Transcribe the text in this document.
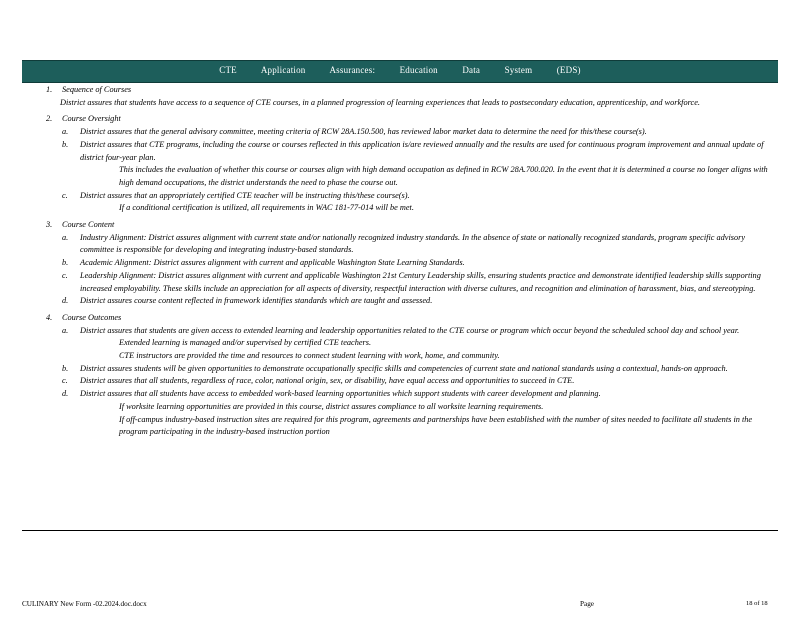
CTE Application Assurances: Education Data System (EDS)
1. Sequence of Courses
District assures that students have access to a sequence of CTE courses, in a planned progression of learning experiences that leads to postsecondary education, apprenticeship, and workforce.
2. Course Oversight
a. District assures that the general advisory committee, meeting criteria of RCW 28A.150.500, has reviewed labor market data to determine the need for this/these course(s).
b. District assures that CTE programs, including the course or courses reflected in this application is/are reviewed annually and the results are used for continuous program improvement and annual update of district four-year plan.
This includes the evaluation of whether this course or courses align with high demand occupation as defined in RCW 28A.700.020. In the event that it is determined a course no longer aligns with high demand occupations, the district understands the need to phase the course out.
c. District assures that an appropriately certified CTE teacher will be instructing this/these course(s).
If a conditional certification is utilized, all requirements in WAC 181-77-014 will be met.
3. Course Content
a. Industry Alignment: District assures alignment with current state and/or nationally recognized industry standards. In the absence of state or nationally recognized standards, program specific advisory committee is responsible for developing and integrating industry-based standards.
b. Academic Alignment: District assures alignment with current and applicable Washington State Learning Standards.
c. Leadership Alignment: District assures alignment with current and applicable Washington 21st Century Leadership skills, ensuring students practice and demonstrate identified leadership skills supporting increased employability. These skills include an appreciation for all aspects of diversity, respectful interaction with diverse cultures, and recognition and elimination of harassment, bias, and stereotyping.
d. District assures course content reflected in framework identifies standards which are taught and assessed.
4. Course Outcomes
a. District assures that students are given access to extended learning and leadership opportunities related to the CTE course or program which occur beyond the scheduled school day and school year.
Extended learning is managed and/or supervised by certified CTE teachers.
CTE instructors are provided the time and resources to connect student learning with work, home, and community.
b. District assures students will be given opportunities to demonstrate occupationally specific skills and competencies of current state and national standards using a contextual, hands-on approach.
c. District assures that all students, regardless of race, color, national origin, sex, or disability, have equal access and opportunities to succeed in CTE.
d. District assures that all students have access to embedded work-based learning opportunities which support students with career development and planning.
If worksite learning opportunities are provided in this course, district assures compliance to all worksite learning requirements.
If off-campus industry-based instruction sites are required for this program, agreements and partnerships have been established with the number of sites needed to facilitate all students in the program participating in the industry-based instruction portion
CULINARY New Form -02.2024.doc.docx	Page	18 of 18
